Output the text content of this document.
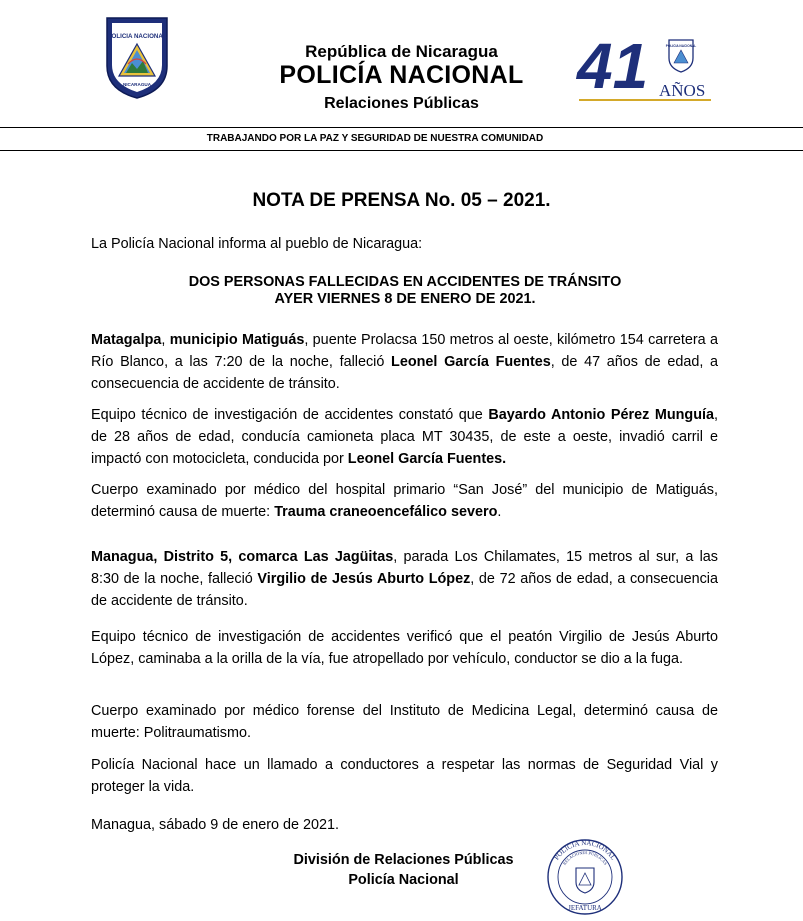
POLICIA NACIONAL
NICARAGUA
República de Nicaragua
POLICÍA NACIONAL
Relaciones Públicas
41	POLICIA NACIONAL
AÑOS
TRABAJANDO POR LA PAZ Y SEGURIDAD DE NUESTRA COMUNIDAD
NOTA DE PRENSA No. 05 – 2021.
La Policía Nacional informa al pueblo de Nicaragua:
DOS PERSONAS FALLECIDAS EN ACCIDENTES DE TRÁNSITO
AYER VIERNES 8 DE ENERO DE 2021.
Matagalpa, municipio Matiguás, puente Prolacsa 150 metros al oeste, kilómetro 154 carretera a Río Blanco, a las 7:20 de la noche, falleció Leonel García Fuentes, de 47 años de edad, a consecuencia de accidente de tránsito.
Equipo técnico de investigación de accidentes constató que Bayardo Antonio Pérez Munguía, de 28 años de edad, conducía camioneta placa MT 30435, de este a oeste, invadió carril e impactó con motocicleta, conducida por Leonel García Fuentes.
Cuerpo examinado por médico del hospital primario “San José” del municipio de Matiguás, determinó causa de muerte: Trauma craneoencefálico severo.
Managua, Distrito 5, comarca Las Jagüitas, parada Los Chilamates, 15 metros al sur, a las 8:30 de la noche, falleció Virgilio de Jesús Aburto López, de 72 años de edad, a consecuencia de accidente de tránsito.
Equipo técnico de investigación de accidentes verificó que el peatón Virgilio de Jesús Aburto López, caminaba a la orilla de la vía, fue atropellado por vehículo, conductor se dio a la fuga.
Cuerpo examinado por médico forense del Instituto de Medicina Legal, determinó causa de muerte: Politraumatismo.
Policía Nacional hace un llamado a conductores a respetar las normas de Seguridad Vial y proteger la vida.
Managua, sábado 9 de enero de 2021.
División de Relaciones Públicas
Policía Nacional
POLICIA NACIONAL
RELACIONES PÚBLICAS
JEFATURA
